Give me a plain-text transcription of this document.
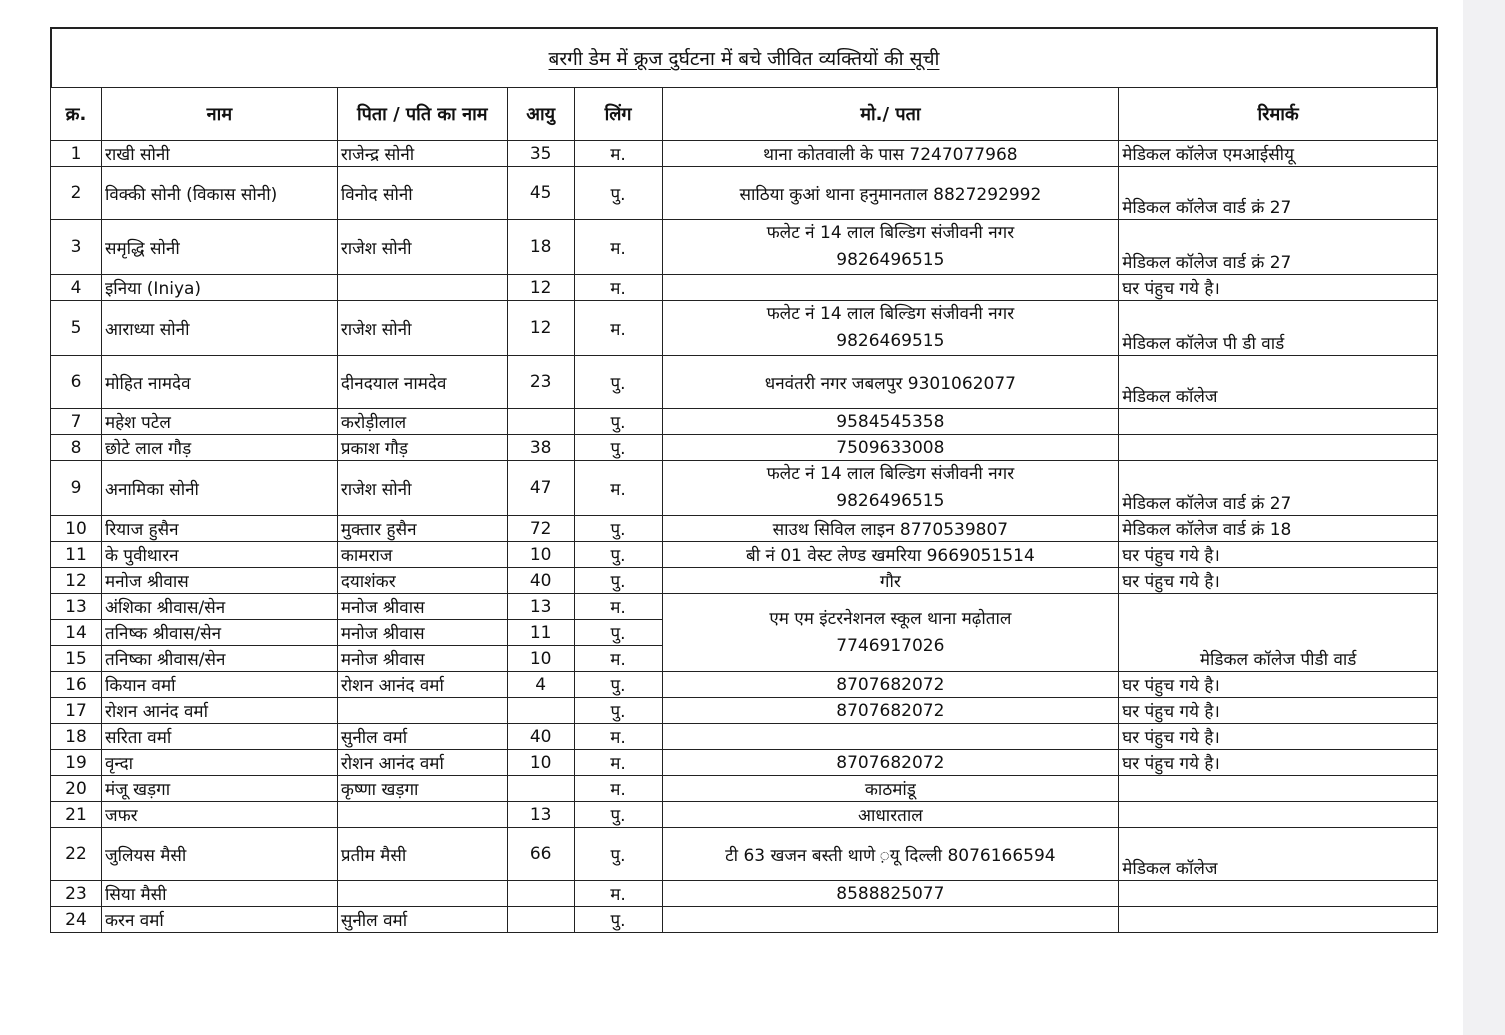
बरगी डेम में क्रूज दुर्घटना में बचे जीवित व्यक्तियों की सूची
क्र.	नाम	पिता / पति का नाम	आयु	लिंग	मो./ पता	रिमार्क
1	राखी सोनी	राजेन्द्र सोनी	35	म.	थाना कोतवाली के पास 7247077968	मेडिकल कॉलेज एमआईसीयू
2	विक्की सोनी (विकास सोनी)	विनोद सोनी	45	पु.	साठिया कुआं थाना हनुमानताल 8827292992	मेडिकल कॉलेज वार्ड क्रं 27
3	समृद्धि सोनी	राजेश सोनी	18	म.	फलेट नं 14 लाल बिल्डिग संजीवनी नगर
9826496515	मेडिकल कॉलेज वार्ड क्रं 27
4	इनिया (Iniya)		12	म.		घर पंहुच गये है।
5	आराध्या सोनी	राजेश सोनी	12	म.	फलेट नं 14 लाल बिल्डिग संजीवनी नगर
9826469515	मेडिकल कॉलेज पी डी वार्ड
6	मोहित नामदेव	दीनदयाल नामदेव	23	पु.	धनवंतरी नगर जबलपुर 9301062077	मेडिकल कॉलेज
7	महेश पटेल	करोड़ीलाल		पु.	9584545358	
8	छोटे लाल गौड़	प्रकाश गौड़	38	पु.	7509633008	
9	अनामिका सोनी	राजेश सोनी	47	म.	फलेट नं 14 लाल बिल्डिग संजीवनी नगर
9826496515	मेडिकल कॉलेज वार्ड क्रं 27
10	रियाज हुसैन	मुक्तार हुसैन	72	पु.	साउथ सिविल लाइन 8770539807	मेडिकल कॉलेज वार्ड क्रं 18
11	के पुवीथारन	कामराज	10	पु.	बी नं 01 वेस्ट लेण्ड खमरिया 9669051514	घर पंहुच गये है।
12	मनोज श्रीवास	दयाशंकर	40	पु.	गौर	घर पंहुच गये है।
13	अंशिका श्रीवास/सेन	मनोज श्रीवास	13	म.	एम एम इंटरनेशनल स्कूल थाना मढ़ोताल
7746917026	मेडिकल कॉलेज पीडी वार्ड
14	तनिष्क श्रीवास/सेन	मनोज श्रीवास	11	पु.		
15	तनिष्का श्रीवास/सेन	मनोज श्रीवास	10	म.		
16	कियान वर्मा	रोशन आनंद वर्मा	4	पु.	8707682072	घर पंहुच गये है।
17	रोशन आनंद वर्मा			पु.	8707682072	घर पंहुच गये है।
18	सरिता वर्मा	सुनील वर्मा	40	म.		घर पंहुच गये है।
19	वृन्दा	रोशन आनंद वर्मा	10	म.	8707682072	घर पंहुच गये है।
20	मंजू खड़गा	कृष्णा खड़गा		म.	काठमांडू	
21	जफर		13	पु.	आधारताल	
22	जुलियस मैसी	प्रतीम मैसी	66	पु.	टी 63 खजन बस्ती थाणे ़यू दिल्ली 8076166594	मेडिकल कॉलेज
23	सिया मैसी			म.	8588825077	
24	करन वर्मा	सुनील वर्मा		पु.		
